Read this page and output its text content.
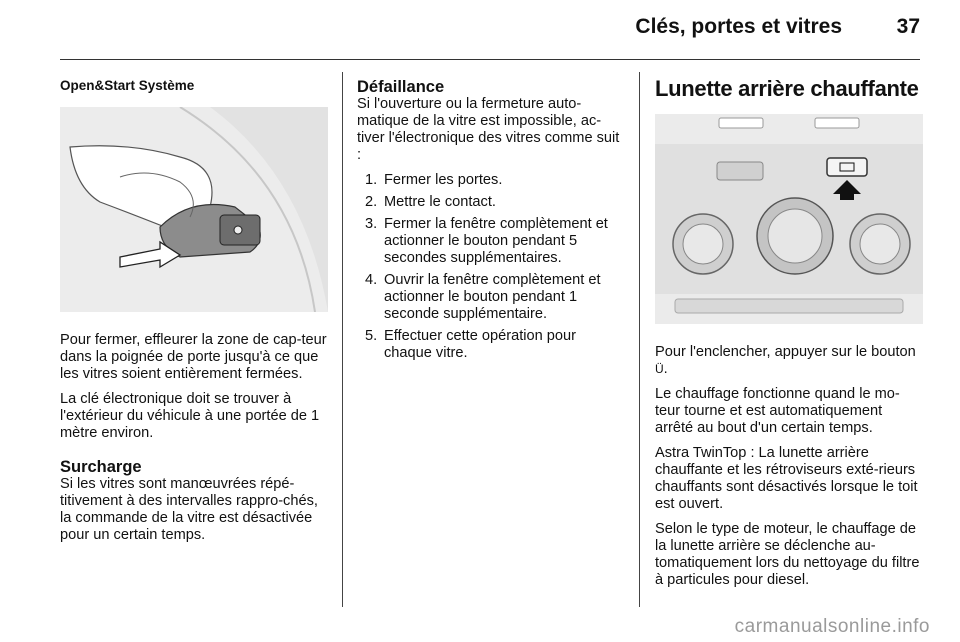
Clés, portes et vitres	37
Open&Start Système

Pour fermer, effleurer la zone de cap-teur dans la poignée de porte jusqu'à ce que les vitres soient entièrement fermées.

La clé électronique doit se trouver à l'extérieur du véhicule à une portée de 1 mètre environ.

Surcharge

Si les vitres sont manœuvrées répé-titivement à des intervalles rappro-chés, la commande de la vitre est désactivée pour un certain temps.

Défaillance

Si l'ouverture ou la fermeture auto-matique de la vitre est impossible, ac-tiver l'électronique des vitres comme suit :

1. Fermer les portes.
2. Mettre le contact.
3. Fermer la fenêtre complètement et actionner le bouton pendant 5 secondes supplémentaires.
4. Ouvrir la fenêtre complètement et actionner le bouton pendant 1 seconde supplémentaire.
5. Effectuer cette opération pour chaque vitre.
Lunette arrière chauffante

Pour l'enclencher, appuyer sur le bouton Ü.

Le chauffage fonctionne quand le mo-teur tourne et est automatiquement arrêté au bout d'un certain temps.

Astra TwinTop : La lunette arrière chauffante et les rétroviseurs exté-rieurs chauffants sont désactivés lorsque le toit est ouvert.

Selon le type de moteur, le chauffage de la lunette arrière se déclenche au-tomatiquement lors du nettoyage du filtre à particules pour diesel.

carmanualsonline.info
